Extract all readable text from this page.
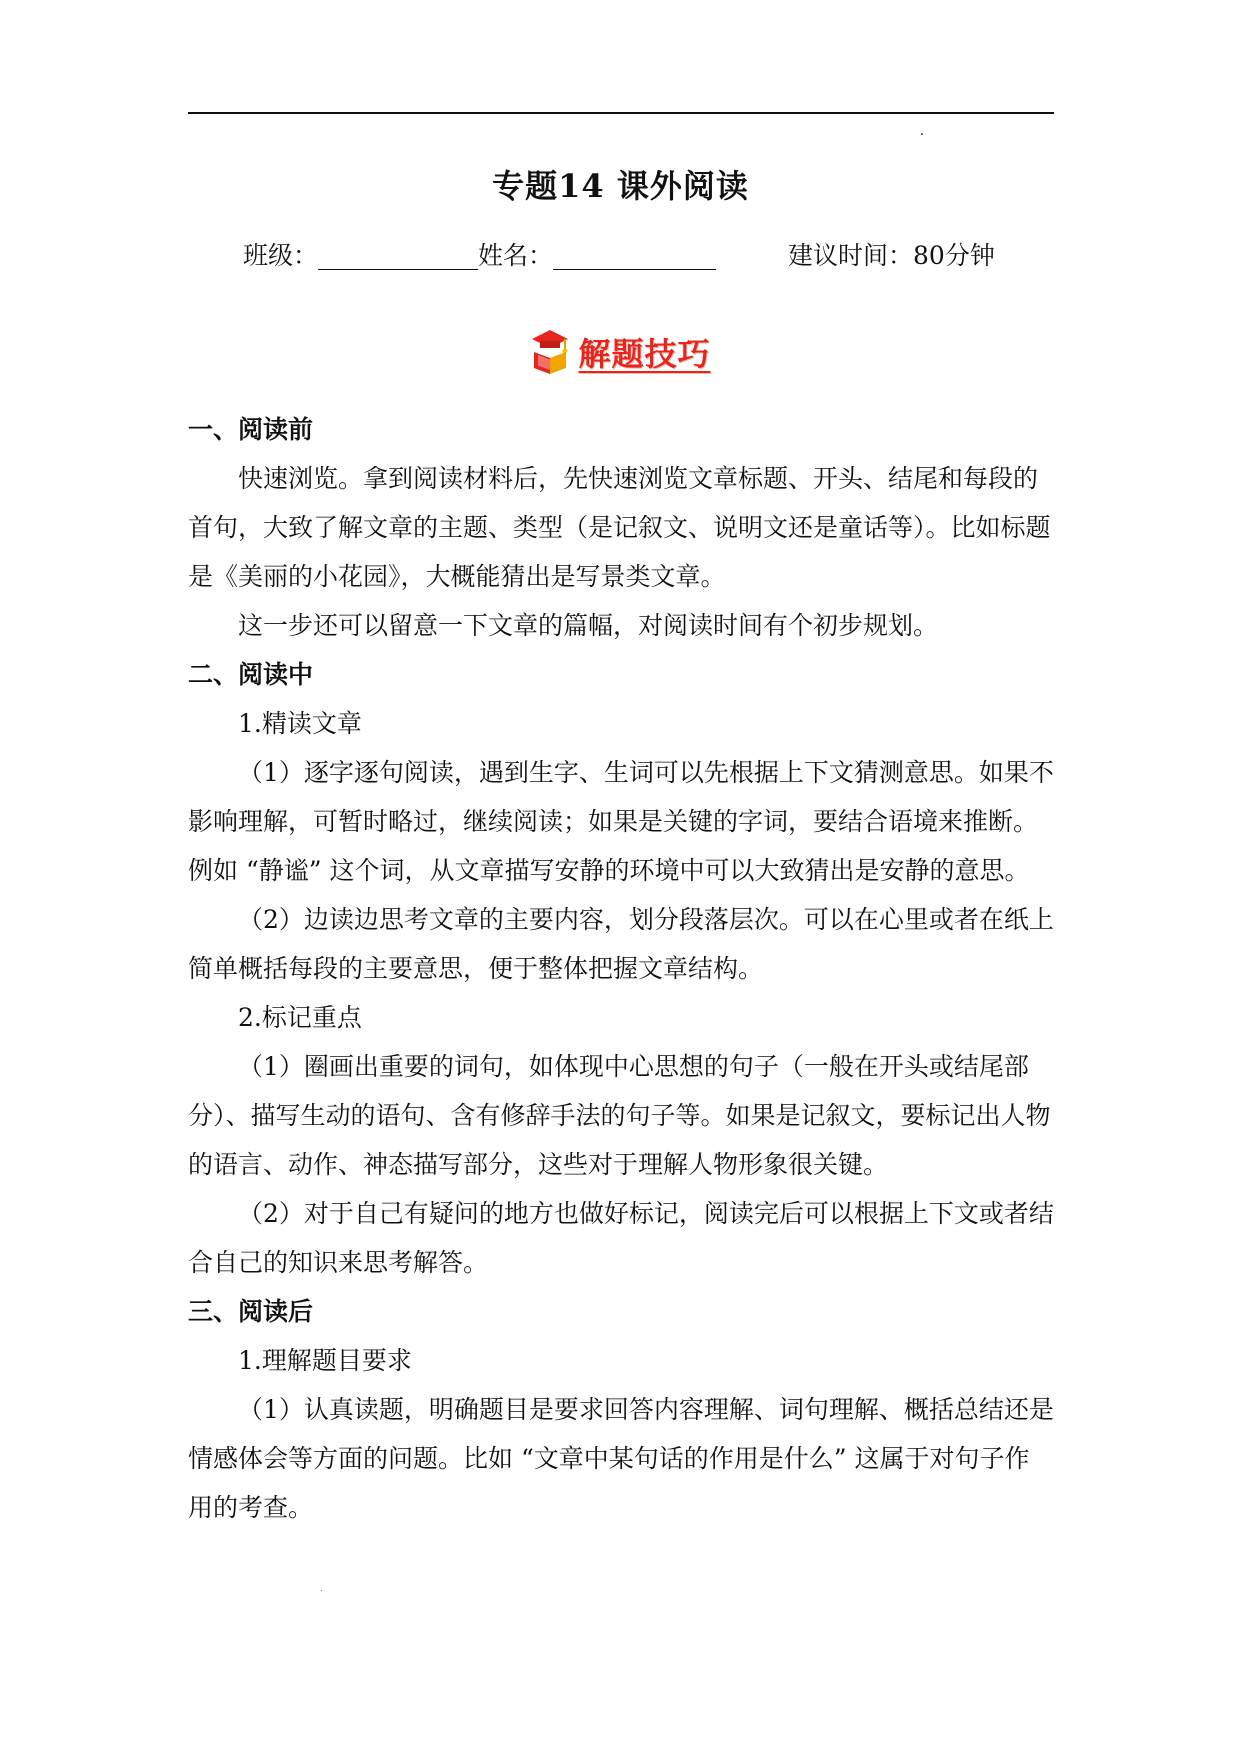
专题14 课外阅读
班级：	姓名：	建议时间：80分钟
解题技巧

一、阅读前

快速浏览。拿到阅读材料后，先快速浏览文章标题、开头、结尾和每段的首句，大致了解文章的主题、类型（是记叙文、说明文还是童话等）。比如标题是《美丽的小花园》，大概能猜出是写景类文章。

这一步还可以留意一下文章的篇幅，对阅读时间有个初步规划。

二、阅读中

1.精读文章

（1）逐字逐句阅读，遇到生字、生词可以先根据上下文猜测意思。如果不影响理解，可暂时略过，继续阅读；如果是关键的字词，要结合语境来推断。例如 “静谧” 这个词，从文章描写安静的环境中可以大致猜出是安静的意思。

（2）边读边思考文章的主要内容，划分段落层次。可以在心里或者在纸上简单概括每段的主要意思，便于整体把握文章结构。

2.标记重点

（1）圈画出重要的词句，如体现中心思想的句子（一般在开头或结尾部分）、描写生动的语句、含有修辞手法的句子等。如果是记叙文，要标记出人物的语言、动作、神态描写部分，这些对于理解人物形象很关键。

（2）对于自己有疑问的地方也做好标记，阅读完后可以根据上下文或者结合自己的知识来思考解答。

三、阅读后

1.理解题目要求

（1）认真读题，明确题目是要求回答内容理解、词句理解、概括总结还是情感体会等方面的问题。比如 “文章中某句话的作用是什么” 这属于对句子作用的考查。
